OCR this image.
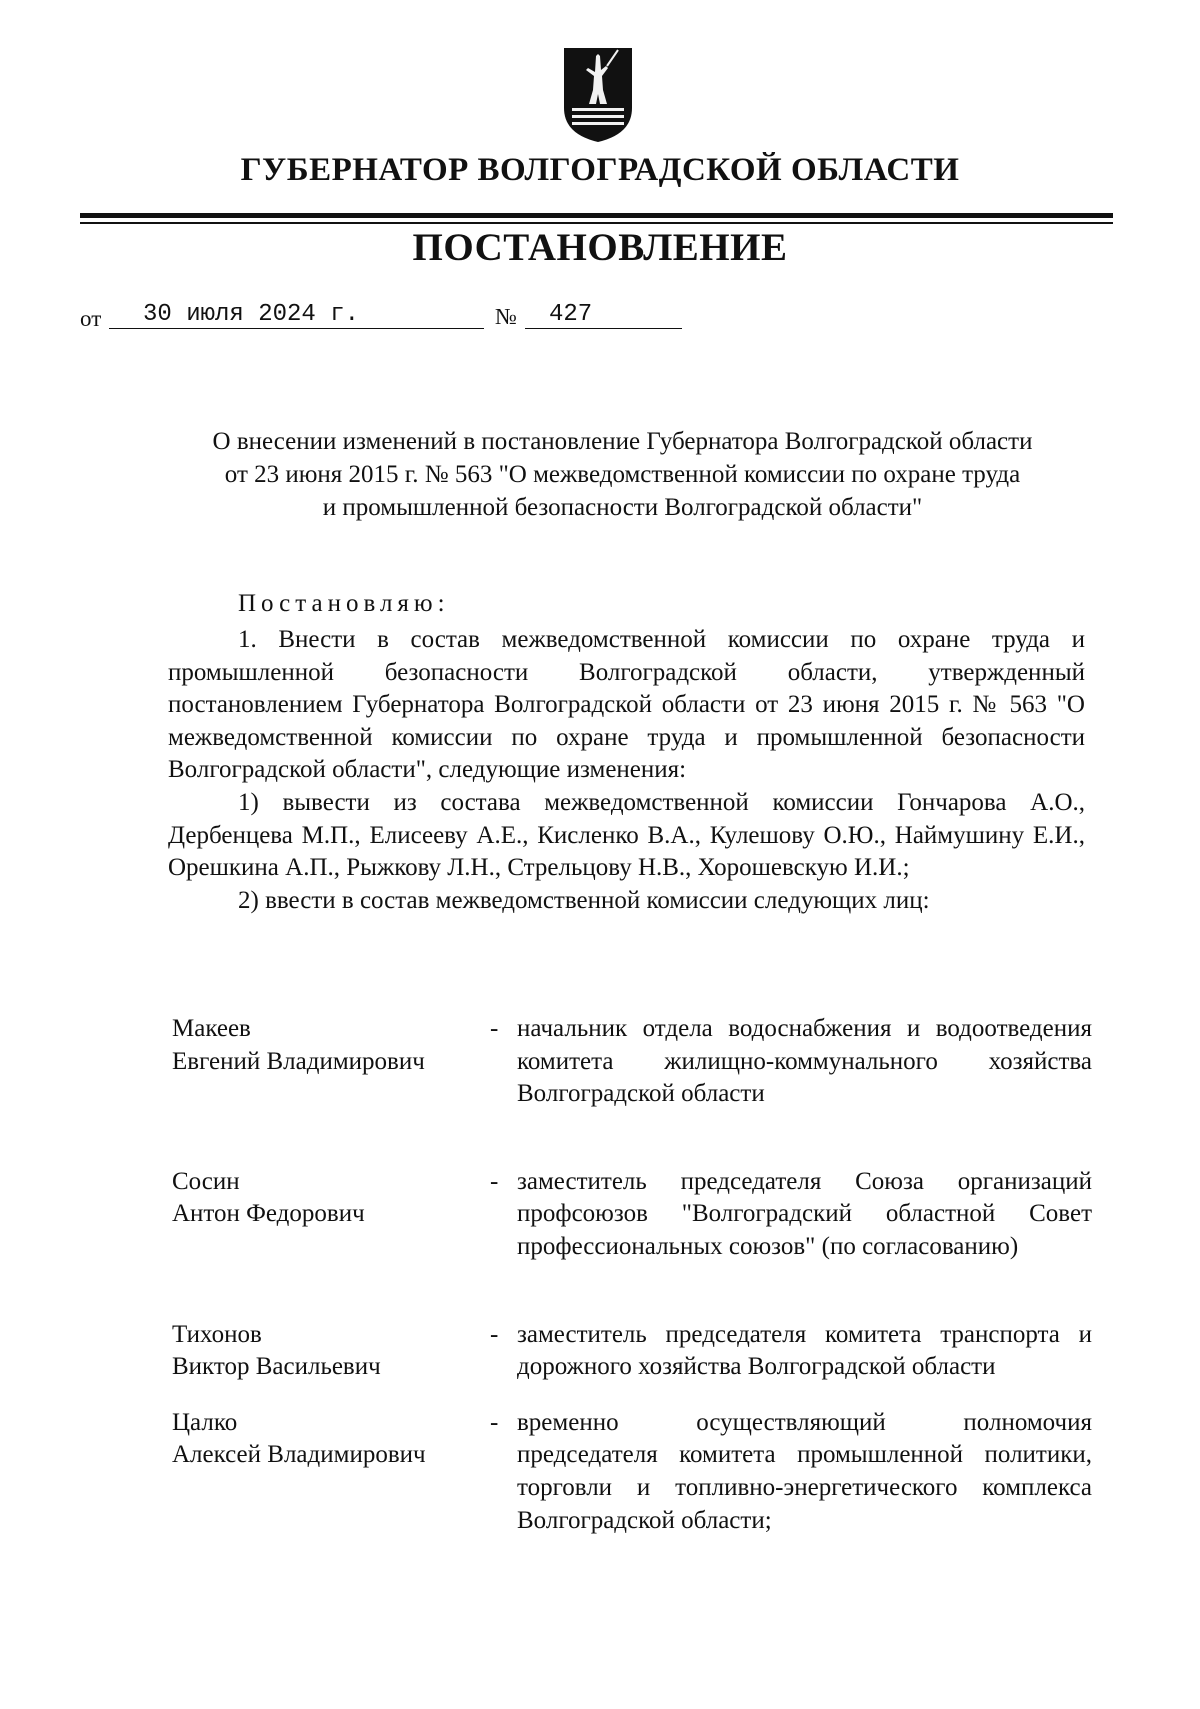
ГУБЕРНАТОР ВОЛГОГРАДСКОЙ ОБЛАСТИ
ПОСТАНОВЛЕНИЕ
от	30 июля 2024 г.	№	427
О внесении изменений в постановление Губернатора Волгоградской области
от 23 июня 2015 г. № 563 "О межведомственной комиссии по охране труда
и промышленной безопасности Волгоградской области"
Постановляю:

1. Внести в состав межведомственной комиссии по охране труда и промышленной безопасности Волгоградской области, утвержденный постановлением Губернатора Волгоградской области от 23 июня 2015 г. № 563 "О межведомственной комиссии по охране труда и промышленной безопасности Волгоградской области", следующие изменения:

1) вывести из состава межведомственной комиссии Гончарова А.О., Дербенцева М.П., Елисееву А.Е., Кисленко В.А., Кулешову О.Ю., Наймушину Е.И., Орешкина А.П., Рыжкову Л.Н., Стрельцову Н.В., Хорошевскую И.И.;

2) ввести в состав межведомственной комиссии следующих лиц:

Макеев
Евгений Владимирович
- начальник отдела водоснабжения и водоотведения комитета жилищно-коммунального хозяйства Волгоградской области
Сосин
Антон Федорович
- заместитель председателя Союза организаций профсоюзов "Волгоградский областной Совет профессиональных союзов" (по согласованию)
Тихонов
Виктор Васильевич
- заместитель председателя комитета транспорта и дорожного хозяйства Волгоградской области
Цалко
Алексей Владимирович
- временно осуществляющий полномочия председателя комитета промышленной политики, торговли и топливно-энергетического комплекса Волгоградской области;
